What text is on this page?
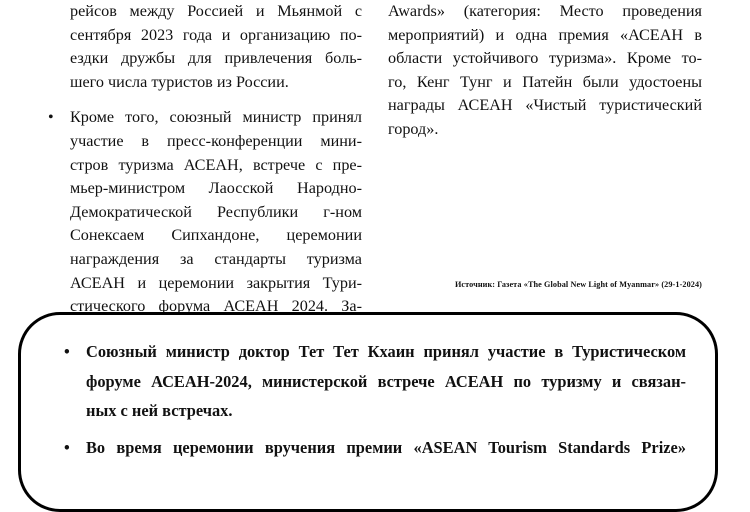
рейсов между Россией и Мьянмой с
сентября 2023 года и организацию по-
ездки дружбы для привлечения боль-
шего числа туристов из России.
•	Кроме того, союзный министр принял
участие в пресс-конференции мини-
стров туризма АСЕАН, встрече с пре-
мьер-министром Лаосской Народно-
Демократической Республики г-ном
Сонексаем Сипхандоне, церемонии
награждения за стандарты туризма
АСЕАН и церемонии закрытия Тури-
стического форума АСЕАН 2024. За-
Awards» (категория: Место проведения
мероприятий) и одна премия «АСЕАН в
области устойчивого туризма». Кроме то-
го, Кенг Тунг и Патейн были удостоены
награды АСЕАН «Чистый туристический
город».
Источник: Газета «The Global New Light of Myanmar» (29-1-2024)
• Союзный министр доктор Тет Тет Кхаин принял участие в Туристическом
форуме АСЕАН-2024, министерской встрече АСЕАН по туризму и связан-
ных с ней встречах.
• Во время церемонии вручения премии «ASEAN Tourism Standards Prize»
